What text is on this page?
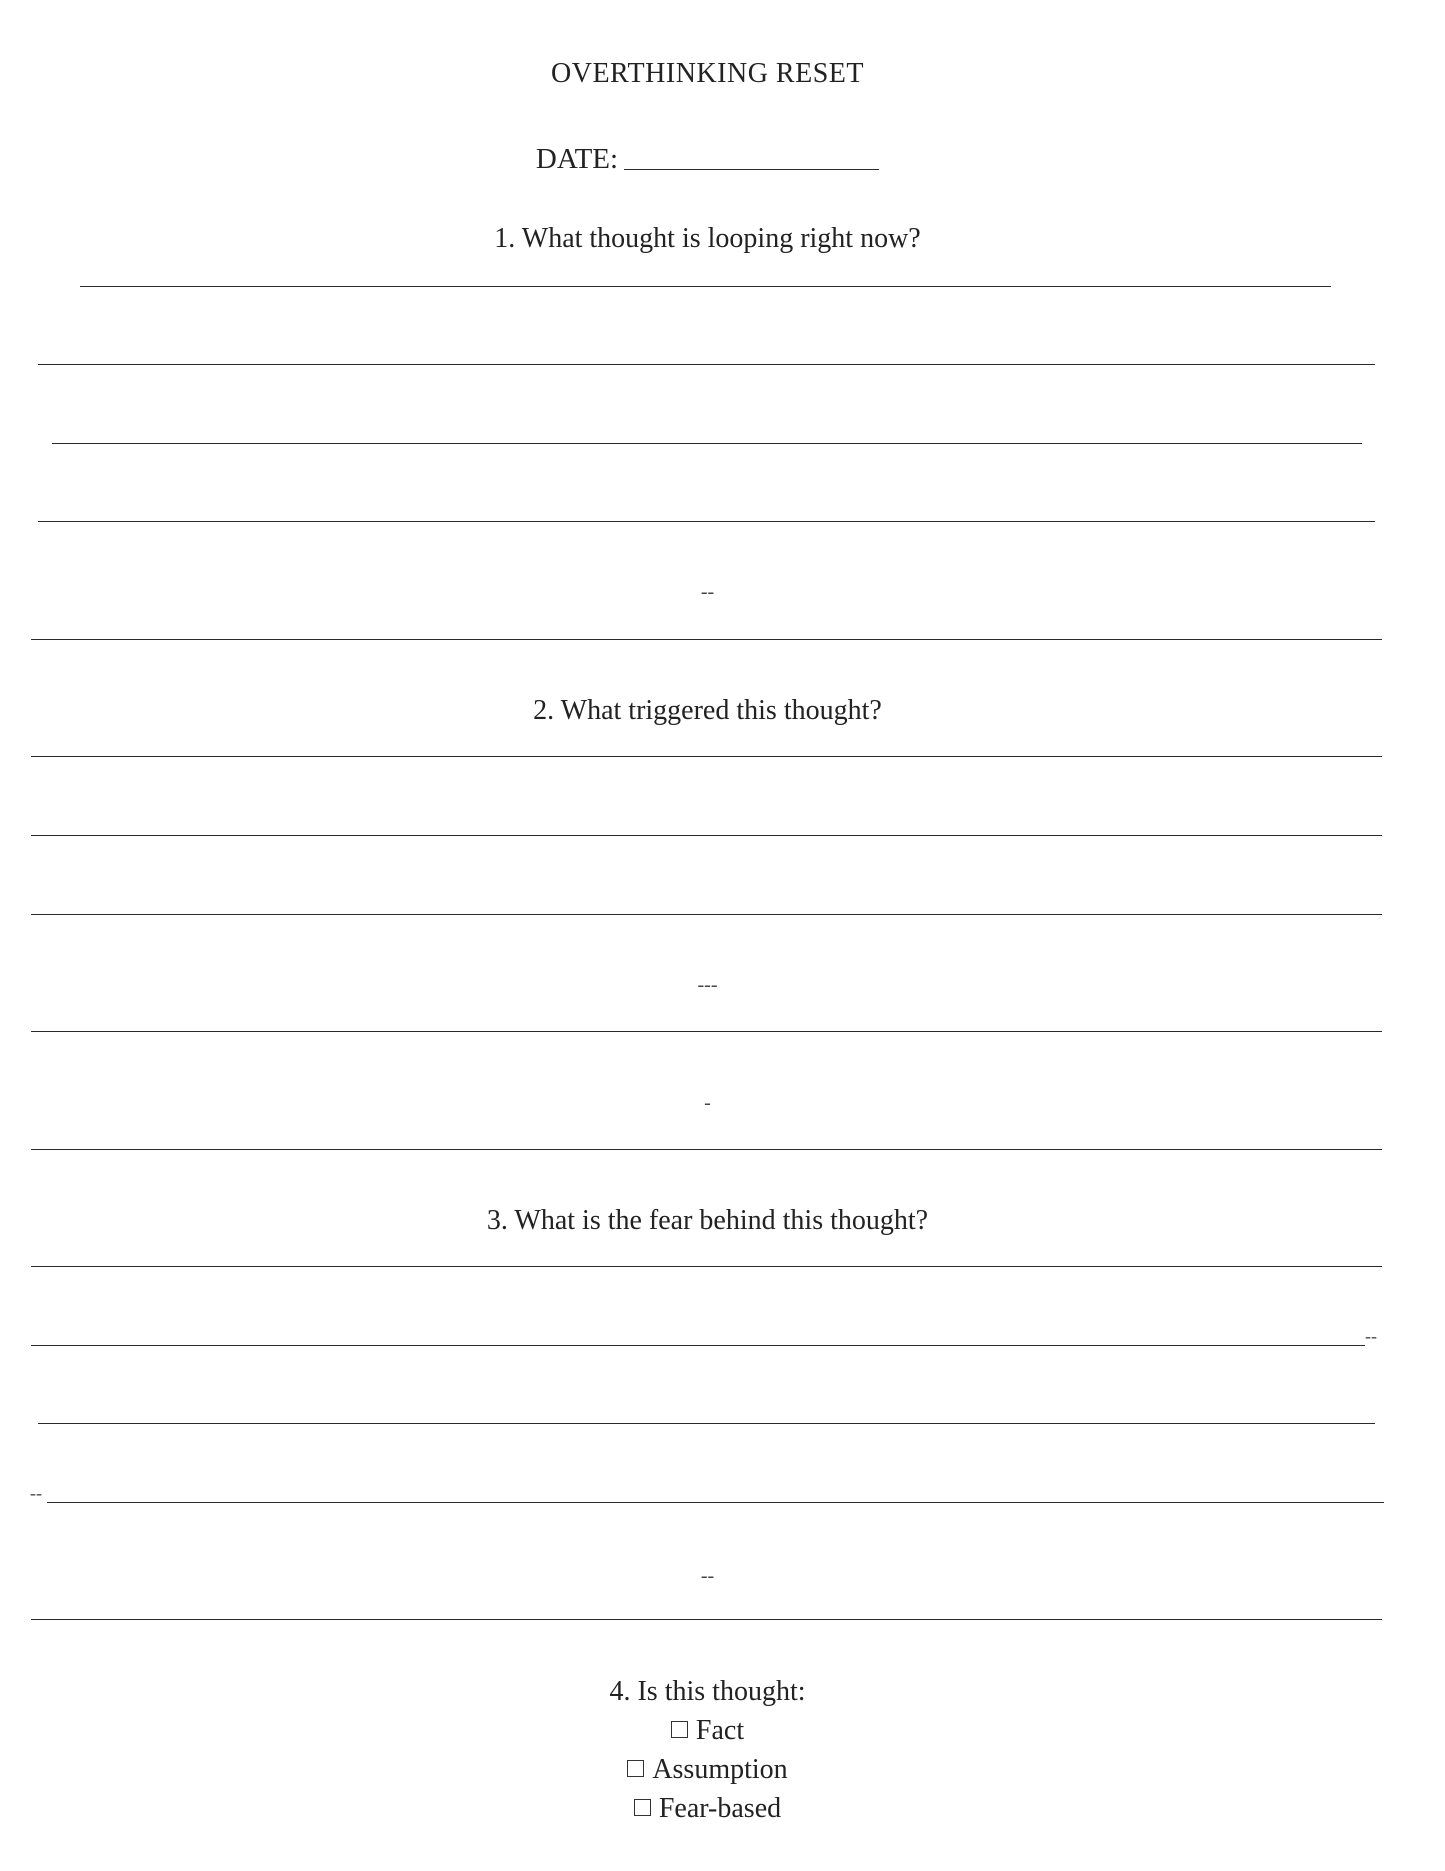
OVERTHINKING RESET
DATE:
1. What thought is looping right now?
--
2. What triggered this thought?
---
-
3. What is the fear behind this thought?
--
--
--
4. Is this thought:
Fact
Assumption
Fear-based
